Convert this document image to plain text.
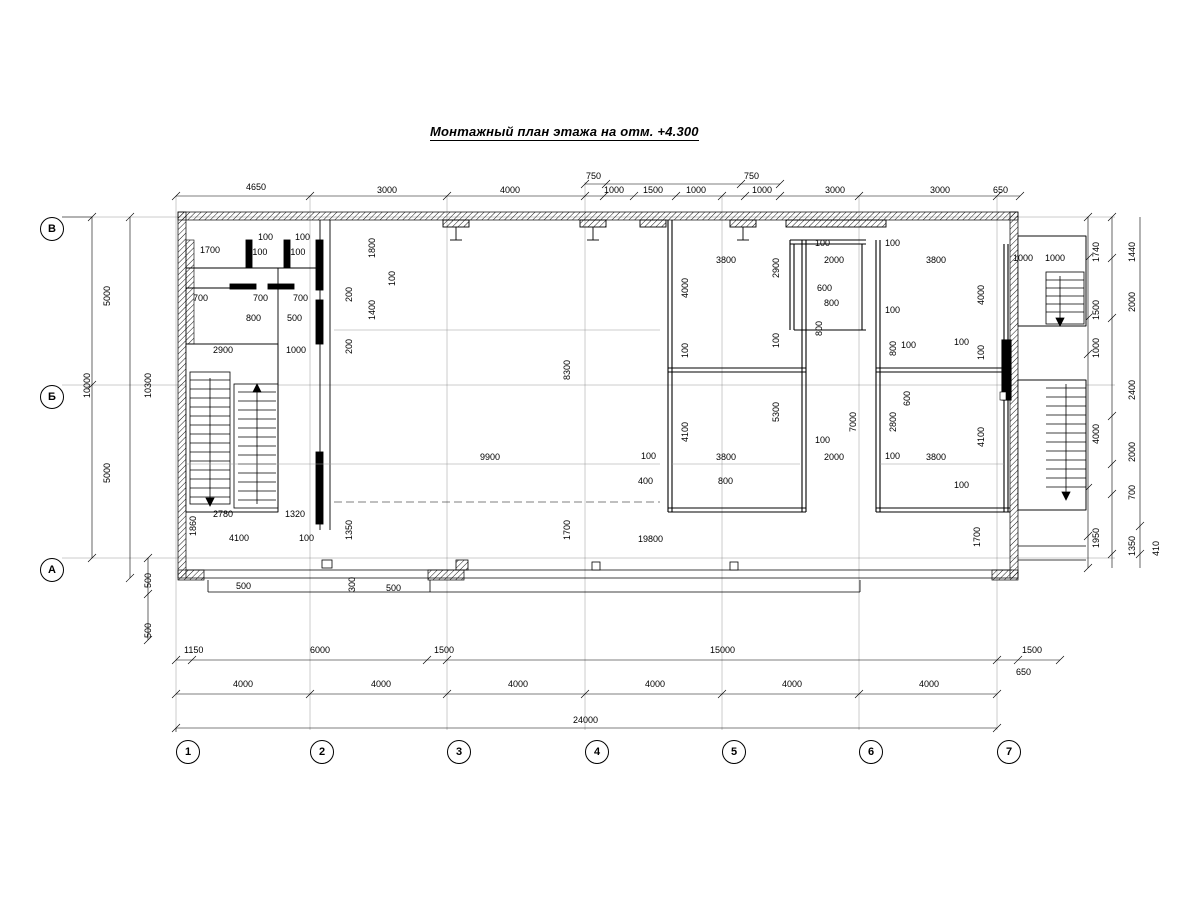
Монтажный план этажа на отм. +4.300
4650	3000	4000
750
1000 1500	1000
750
1000	3000	3000	650
1150	6000	1500	15000	1500
650
4000	4000	4000	4000	4000	4000
24000
1700
100 100
1100 1100
700	700	700
800	500
2900	1000
2780	1320
4100	100
500	500
9900
19800
3800	2000	3800
100	100
600
800
100
100
100
3800	2000	3800
100
100
100
400	800	100
1000 1000
1800
100
1400
200
200
8300
1700
1350
1860
300
500
500
5000
5000
10000	10300
4000
100
4100
2900
100
5300
800
7000	2800
800
600
4000
100
4100
1700
1740
1500
1000
4000
1950
1440
2000
2400
2000
700
1350 410
В
Б
А
1	2	3	4	5	6	7
